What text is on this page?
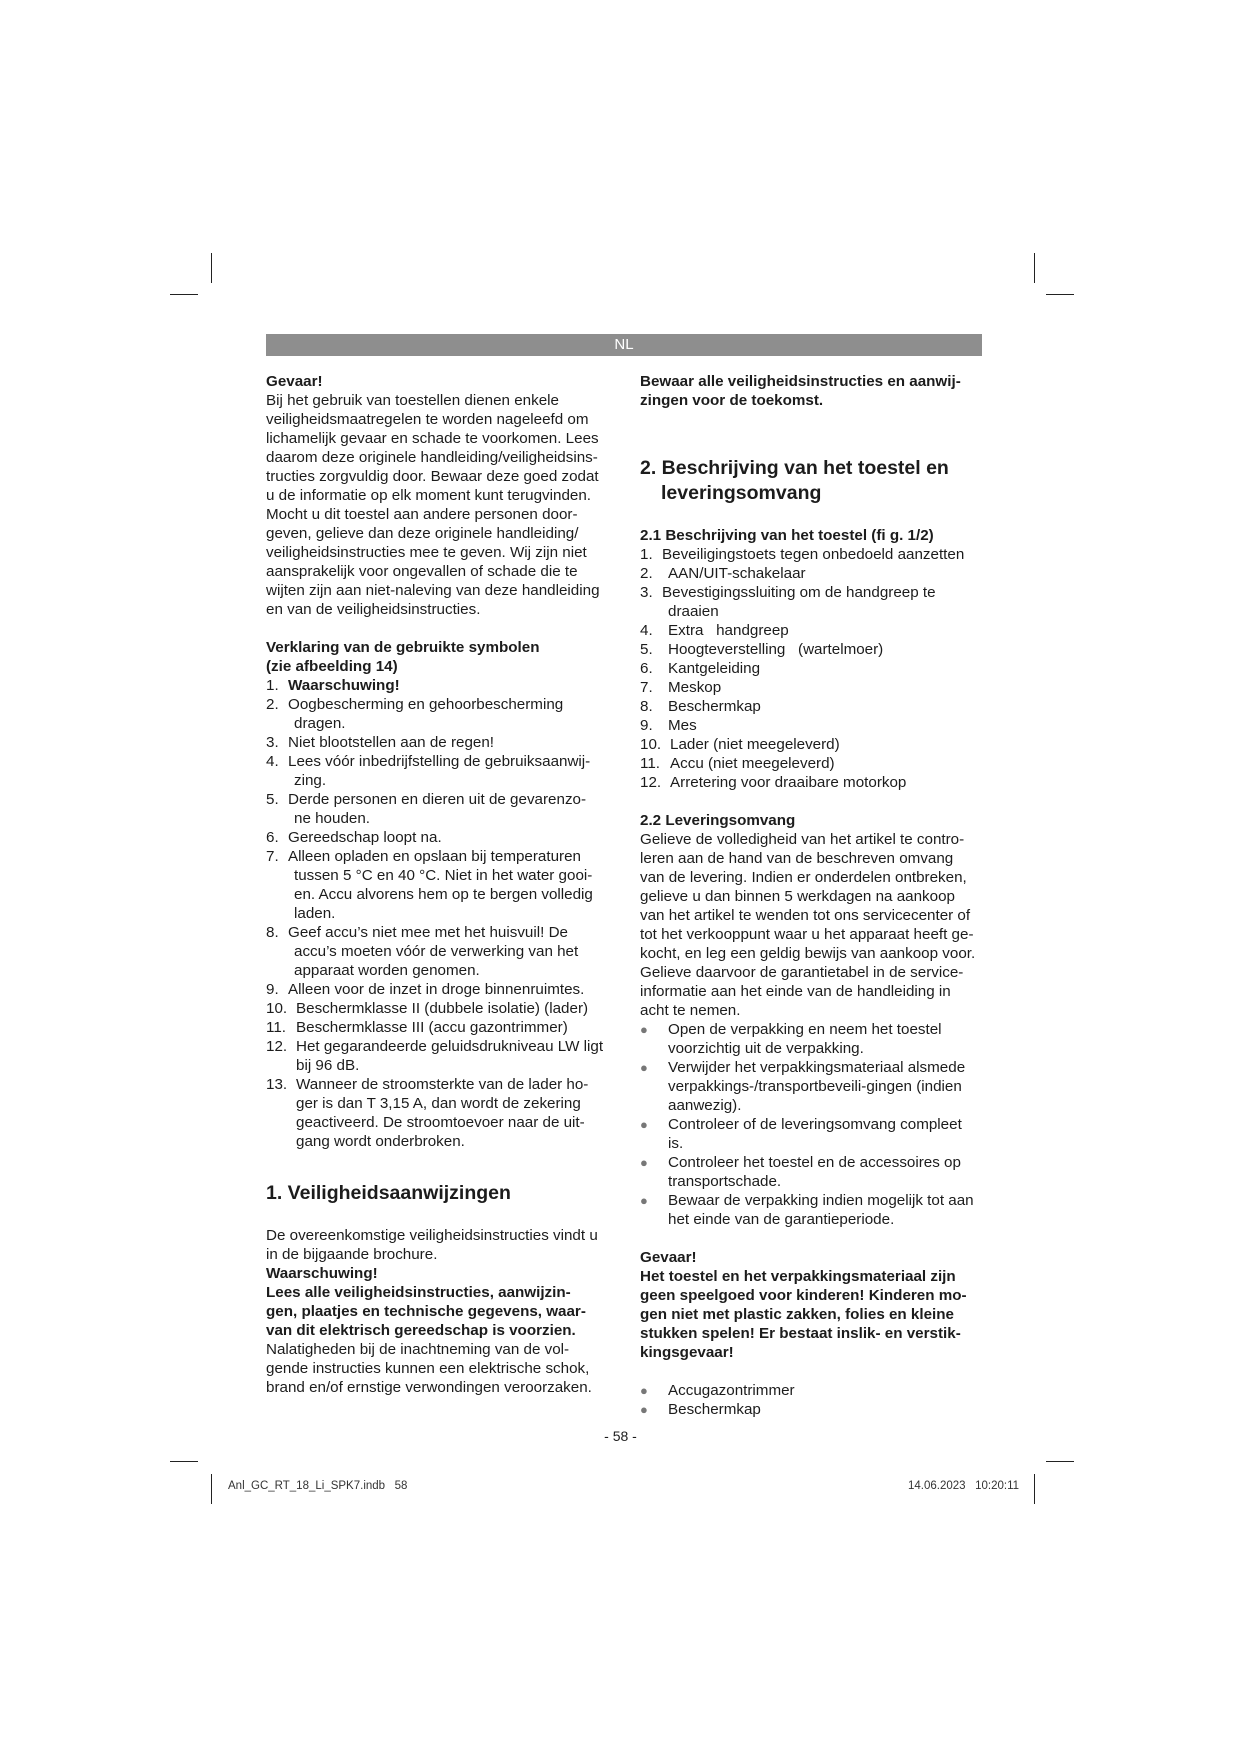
NL

Gevaar!

Bij het gebruik van toestellen dienen enkele
veiligheidsmaatregelen te worden nageleefd om
lichamelijk gevaar en schade te voorkomen. Lees
daarom deze originele handleiding/veiligheidsins-
tructies zorgvuldig door. Bewaar deze goed zodat
u de informatie op elk moment kunt terugvinden.
Mocht u dit toestel aan andere personen door-
geven, gelieve dan deze originele handleiding/
veiligheidsinstructies mee te geven. Wij zijn niet
aansprakelijk voor ongevallen of schade die te
wijten zijn aan niet-naleving van deze handleiding
en van de veiligheidsinstructies.
Verklaring van de gebruikte symbolen
(zie afbeelding 14)
1. Waarschuwing!
2. Oogbescherming en gehoorbescherming
dragen.
3. Niet blootstellen aan de regen!
4. Lees vóór inbedrijfstelling de gebruiksaanwij-
zing.
5. Derde personen en dieren uit de gevarenzo-
ne houden.
6. Gereedschap loopt na.
7. Alleen opladen en opslaan bij temperaturen
tussen 5 °C en 40 °C. Niet in het water gooi-
en. Accu alvorens hem op te bergen volledig
laden.
8. Geef accu’s niet mee met het huisvuil! De
accu’s moeten vóór de verwerking van het
apparaat worden genomen.
9. Alleen voor de inzet in droge binnenruimtes.
10. Beschermklasse II (dubbele isolatie) (lader)
11. Beschermklasse III (accu gazontrimmer)
12. Het gegarandeerde geluidsdrukniveau LW ligt
bij 96 dB.
13. Wanneer de stroomsterkte van de lader ho-
ger is dan T 3,15 A, dan wordt de zekering
geactiveerd. De stroomtoevoer naar de uit-
gang wordt onderbroken.
1. Veiligheidsaanwijzingen
De overeenkomstige veiligheidsinstructies vindt u
in de bijgaande brochure.

Waarschuwing!

Lees alle veiligheidsinstructies, aanwijzin-
gen, plaatjes en technische gegevens, waar-
van dit elektrisch gereedschap is voorzien.
Nalatigheden bij de inachtneming van de vol-
gende instructies kunnen een elektrische schok,
brand en/of ernstige verwondingen veroorzaken.
Bewaar alle veiligheidsinstructies en aanwij-
zingen voor de toekomst.
2. Beschrijving van het toestel en
leveringsomvang
2.1 Beschrijving van het toestel (fi g. 1/2)
1. Beveiligingstoets tegen onbedoeld aanzetten
2.	AAN/UIT-schakelaar
3. Bevestigingssluiting om de handgreep te
draaien
4.	Extra   handgreep
5.	Hoogteverstelling   (wartelmoer)
6.	Kantgeleiding
7.	Meskop
8.	Beschermkap
9.	Mes
10. Lader (niet meegeleverd)
11. Accu (niet meegeleverd)
12. Arretering voor draaibare motorkop
2.2 Leveringsomvang
Gelieve de volledigheid van het artikel te contro-
leren aan de hand van de beschreven omvang
van de levering. Indien er onderdelen ontbreken,
gelieve u dan binnen 5 werkdagen na aankoop
van het artikel te wenden tot ons servicecenter of
tot het verkooppunt waar u het apparaat heeft ge-
kocht, en leg een geldig bewijs van aankoop voor.
Gelieve daarvoor de garantietabel in de service-
informatie aan het einde van de handleiding in
acht te nemen.
●	Open de verpakking en neem het toestel
voorzichtig uit de verpakking.
●	Verwijder het verpakkingsmateriaal alsmede
verpakkings-/transportbeveili-gingen (indien
aanwezig).
●	Controleer of de leveringsomvang compleet
is.
●	Controleer het toestel en de accessoires op
transportschade.
●	Bewaar de verpakking indien mogelijk tot aan
het einde van de garantieperiode.

Gevaar!

Het toestel en het verpakkingsmateriaal zijn
geen speelgoed voor kinderen! Kinderen mo-
gen niet met plastic zakken, folies en kleine
stukken spelen! Er bestaat inslik- en verstik-
kingsgevaar!
●	Accugazontrimmer
●	Beschermkap
- 58 -
Anl_GC_RT_18_Li_SPK7.indb   58	14.06.2023   10:20:11
